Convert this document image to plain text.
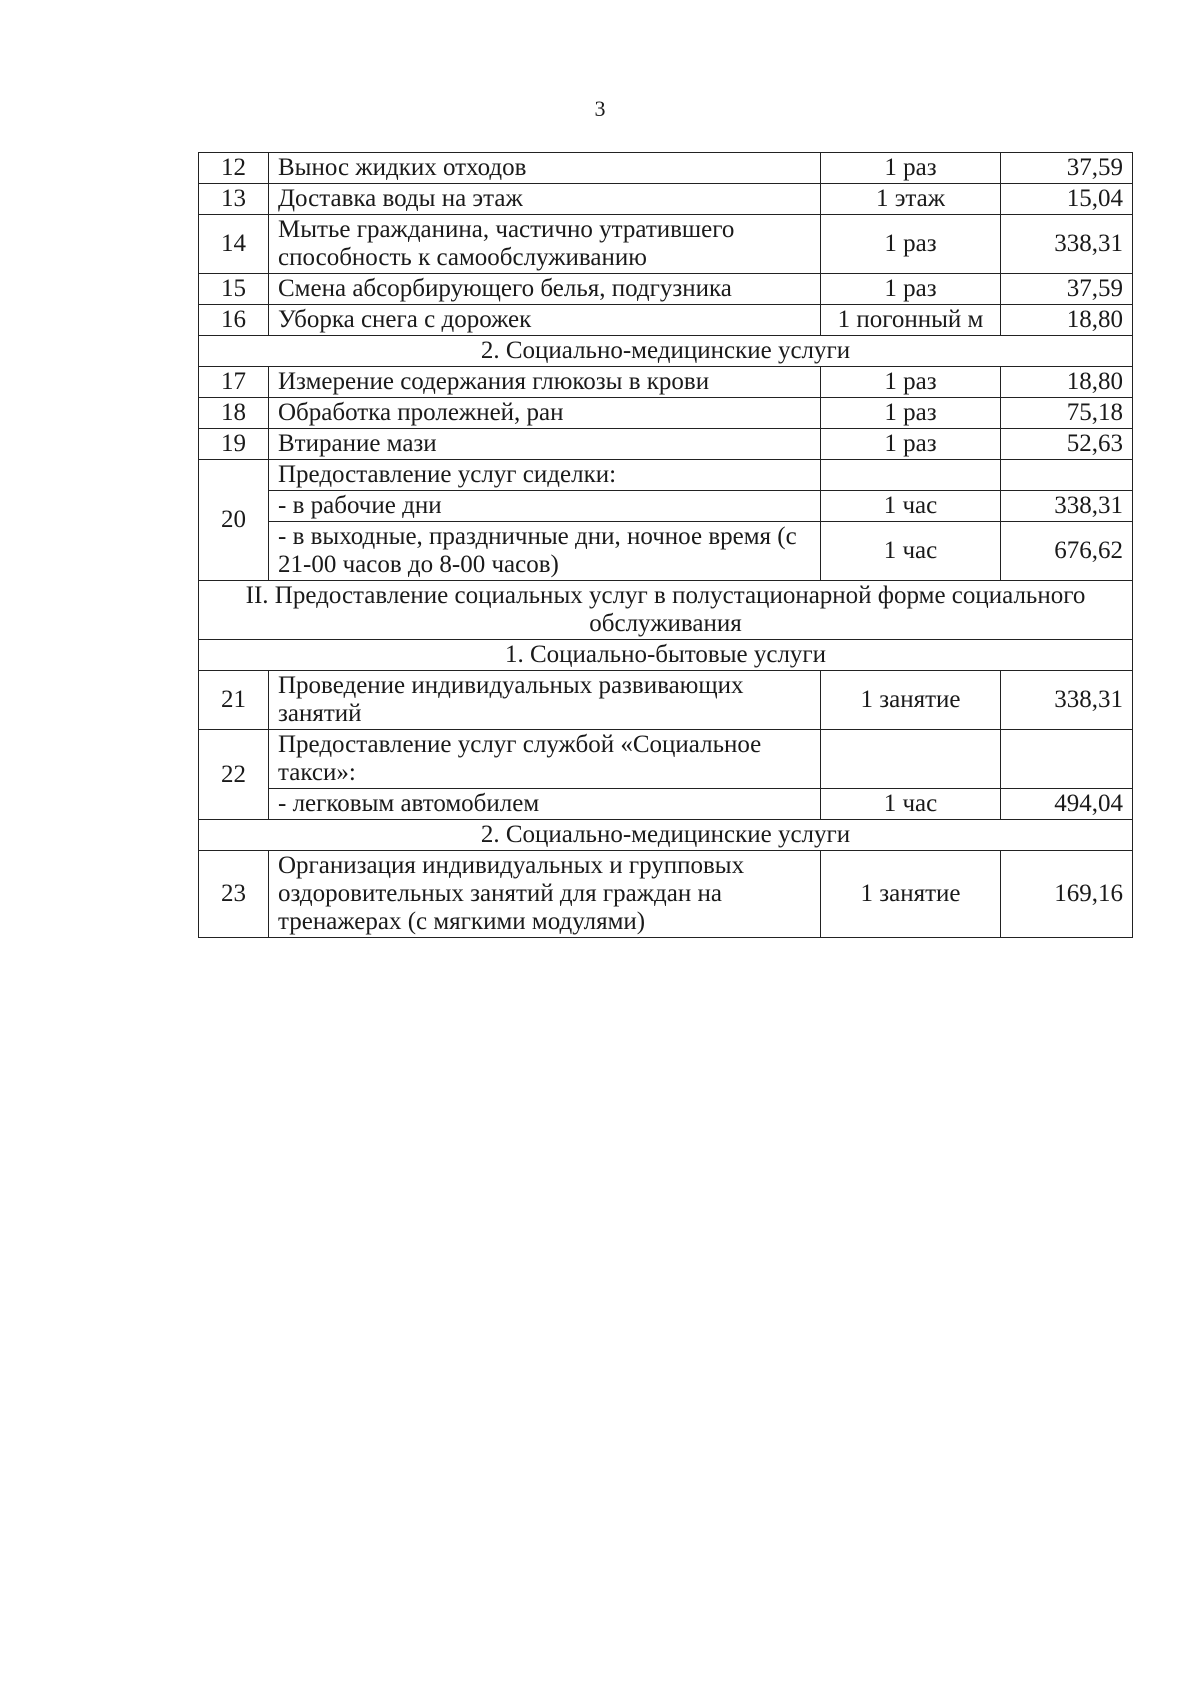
3
12	Вынос жидких отходов	1 раз	37,59
13	Доставка воды на этаж	1 этаж	15,04
14	Мытье гражданина, частично утратившего способность к самообслуживанию	1 раз	338,31
15	Смена абсорбирующего белья, подгузника	1 раз	37,59
16	Уборка снега с дорожек	1 погонный м	18,80
2. Социально-медицинские услуги			
17	Измерение содержания глюкозы в крови	1 раз	18,80
18	Обработка пролежней, ран	1 раз	75,18
19	Втирание мази	1 раз	52,63
20	Предоставление услуг сиделки:		
	- в рабочие дни	1 час	338,31
	- в выходные, праздничные дни, ночное время (с 21-00 часов до 8-00 часов)	1 час	676,62
II. Предоставление социальных услуг в полустационарной форме социального обслуживания			
1. Социально-бытовые услуги			
21	Проведение индивидуальных развивающих занятий	1 занятие	338,31
22	Предоставление услуг службой «Социальное такси»:		
	- легковым автомобилем	1 час	494,04
2. Социально-медицинские услуги			
23	Организация индивидуальных и групповых оздоровительных занятий для граждан на тренажерах (с мягкими модулями)	1 занятие	169,16
